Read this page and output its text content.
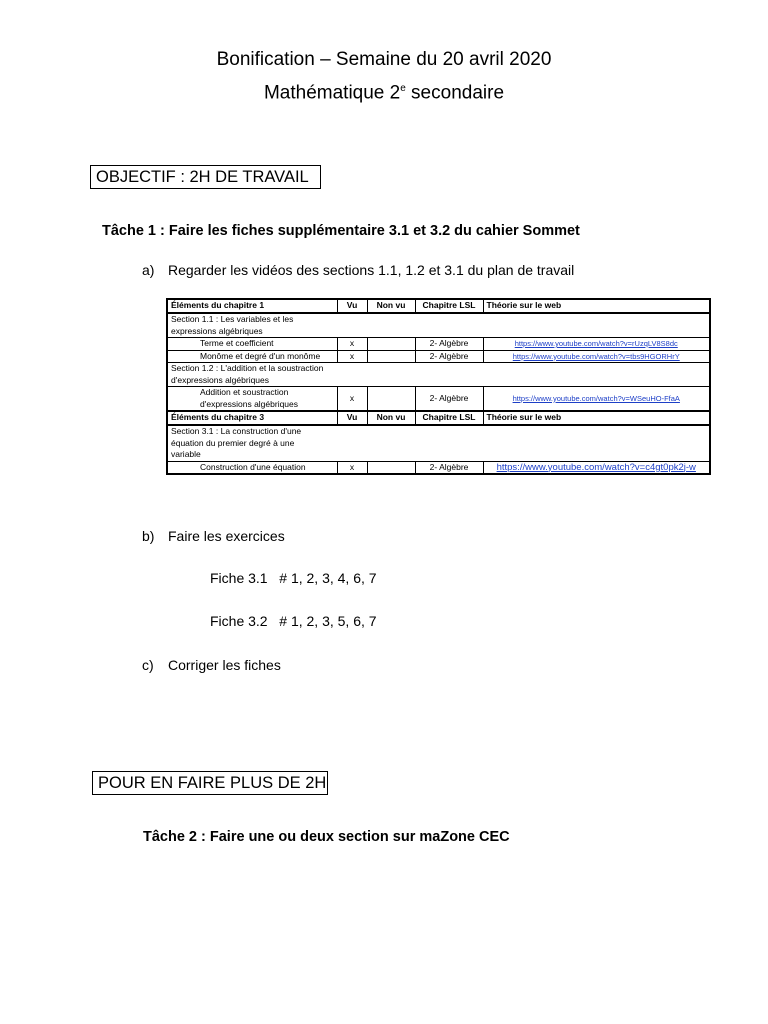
Bonification – Semaine du 20 avril 2020
Mathématique 2e secondaire
OBJECTIF : 2H DE TRAVAIL
Tâche 1 : Faire les fiches supplémentaire 3.1 et 3.2 du cahier Sommet
a) Regarder les vidéos des sections 1.1, 1.2 et 3.1 du plan de travail
Éléments du chapitre 1	Vu	Non vu	Chapitre LSL	Théorie sur le web

Section 1.1 : Les variables et les expressions algébriques				

Terme et coefficient	x		2- Algèbre	https://www.youtube.com/watch?v=rUzqLV8S8dc
Monôme et degré d'un monôme	x		2- Algèbre	https://www.youtube.com/watch?v=tbs9HGORHrY

Section 1.2 : L'addition et la soustraction d'expressions algébriques				

Addition et soustraction d'expressions algébriques	x		2- Algèbre	https://www.youtube.com/watch?v=WSeuHO-FfaA
Éléments du chapitre 3	Vu	Non vu	Chapitre LSL	Théorie sur le web

Section 3.1 : La construction d'une équation du premier degré à une variable				

Construction d'une équation	x		2- Algèbre	https://www.youtube.com/watch?v=c4gt0pk2j-w
b) Faire les exercices
Fiche 3.1 # 1, 2, 3, 4, 6, 7
Fiche 3.2 # 1, 2, 3, 5, 6, 7
c) Corriger les fiches
POUR EN FAIRE PLUS DE 2H
Tâche 2 : Faire une ou deux section sur maZone CEC
